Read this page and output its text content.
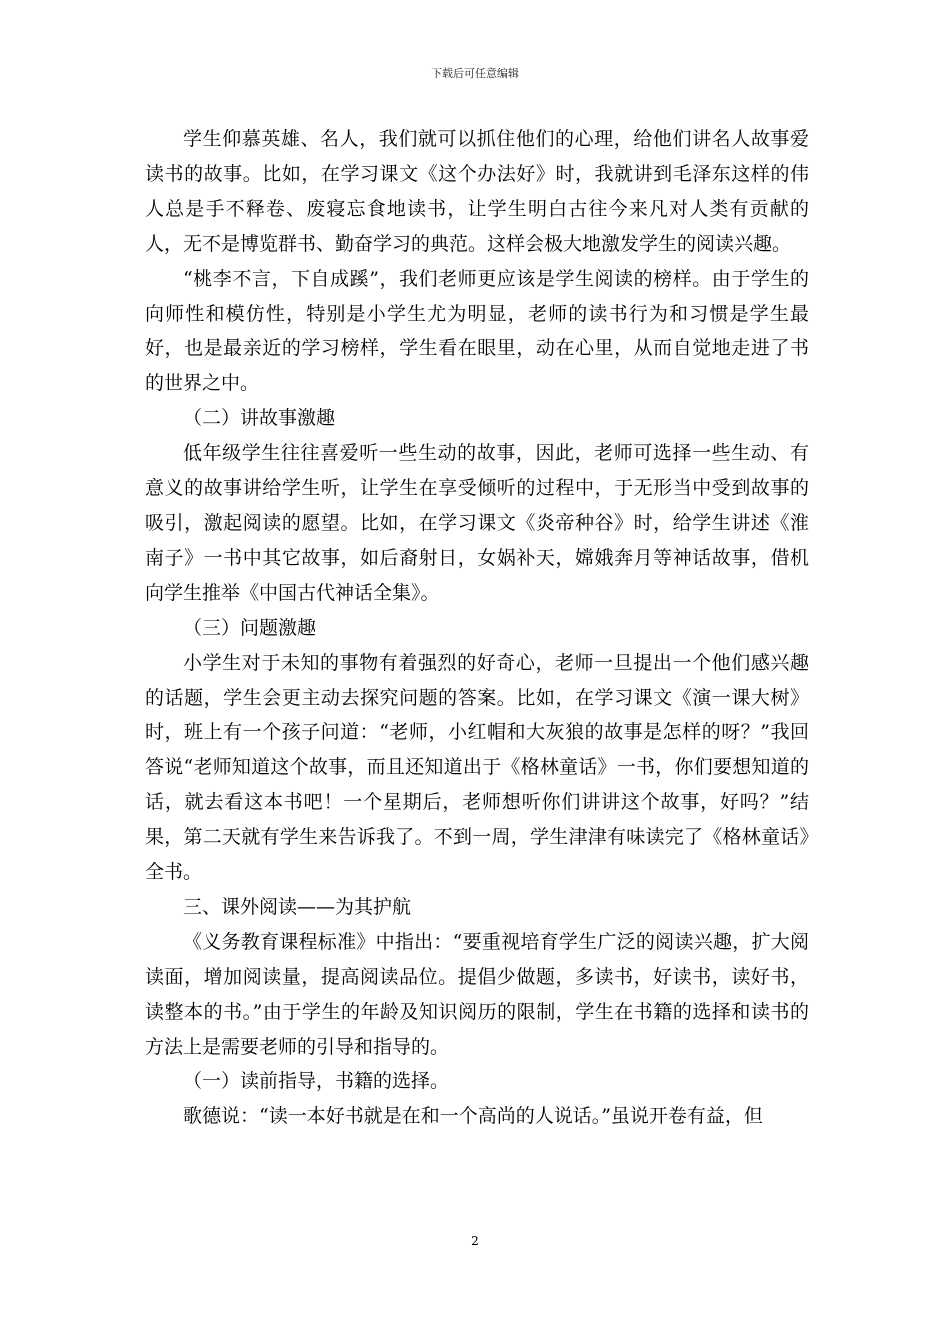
下载后可任意编辑

学生仰慕英雄、名人，我们就可以抓住他们的心理，给他们讲名人故事爱读书的故事。比如，在学习课文《这个办法好》时，我就讲到毛泽东这样的伟人总是手不释卷、废寝忘食地读书，让学生明白古往今来凡对人类有贡献的人，无不是博览群书、勤奋学习的典范。这样会极大地激发学生的阅读兴趣。

“桃李不言，下自成蹊”，我们老师更应该是学生阅读的榜样。由于学生的向师性和模仿性，特别是小学生尤为明显，老师的读书行为和习惯是学生最好，也是最亲近的学习榜样，学生看在眼里，动在心里，从而自觉地走进了书的世界之中。

（二）讲故事激趣

低年级学生往往喜爱听一些生动的故事，因此，老师可选择一些生动、有意义的故事讲给学生听，让学生在享受倾听的过程中，于无形当中受到故事的吸引，激起阅读的愿望。比如，在学习课文《炎帝种谷》时，给学生讲述《淮南子》一书中其它故事，如后裔射日，女娲补天，嫦娥奔月等神话故事，借机向学生推举《中国古代神话全集》。

（三）问题激趣

小学生对于未知的事物有着强烈的好奇心，老师一旦提出一个他们感兴趣的话题，学生会更主动去探究问题的答案。比如，在学习课文《演一课大树》时，班上有一个孩子问道：“老师，小红帽和大灰狼的故事是怎样的呀？”我回答说“老师知道这个故事，而且还知道出于《格林童话》一书，你们要想知道的话，就去看这本书吧！一个星期后，老师想听你们讲讲这个故事，好吗？”结果，第二天就有学生来告诉我了。不到一周，学生津津有味读完了《格林童话》全书。

三、课外阅读——为其护航

《义务教育课程标准》中指出：“要重视培育学生广泛的阅读兴趣，扩大阅读面，增加阅读量，提高阅读品位。提倡少做题，多读书，好读书，读好书，读整本的书。”由于学生的年龄及知识阅历的限制，学生在书籍的选择和读书的方法上是需要老师的引导和指导的。

（一）读前指导，书籍的选择。

歌德说：“读一本好书就是在和一个高尚的人说话。”虽说开卷有益，但

2
